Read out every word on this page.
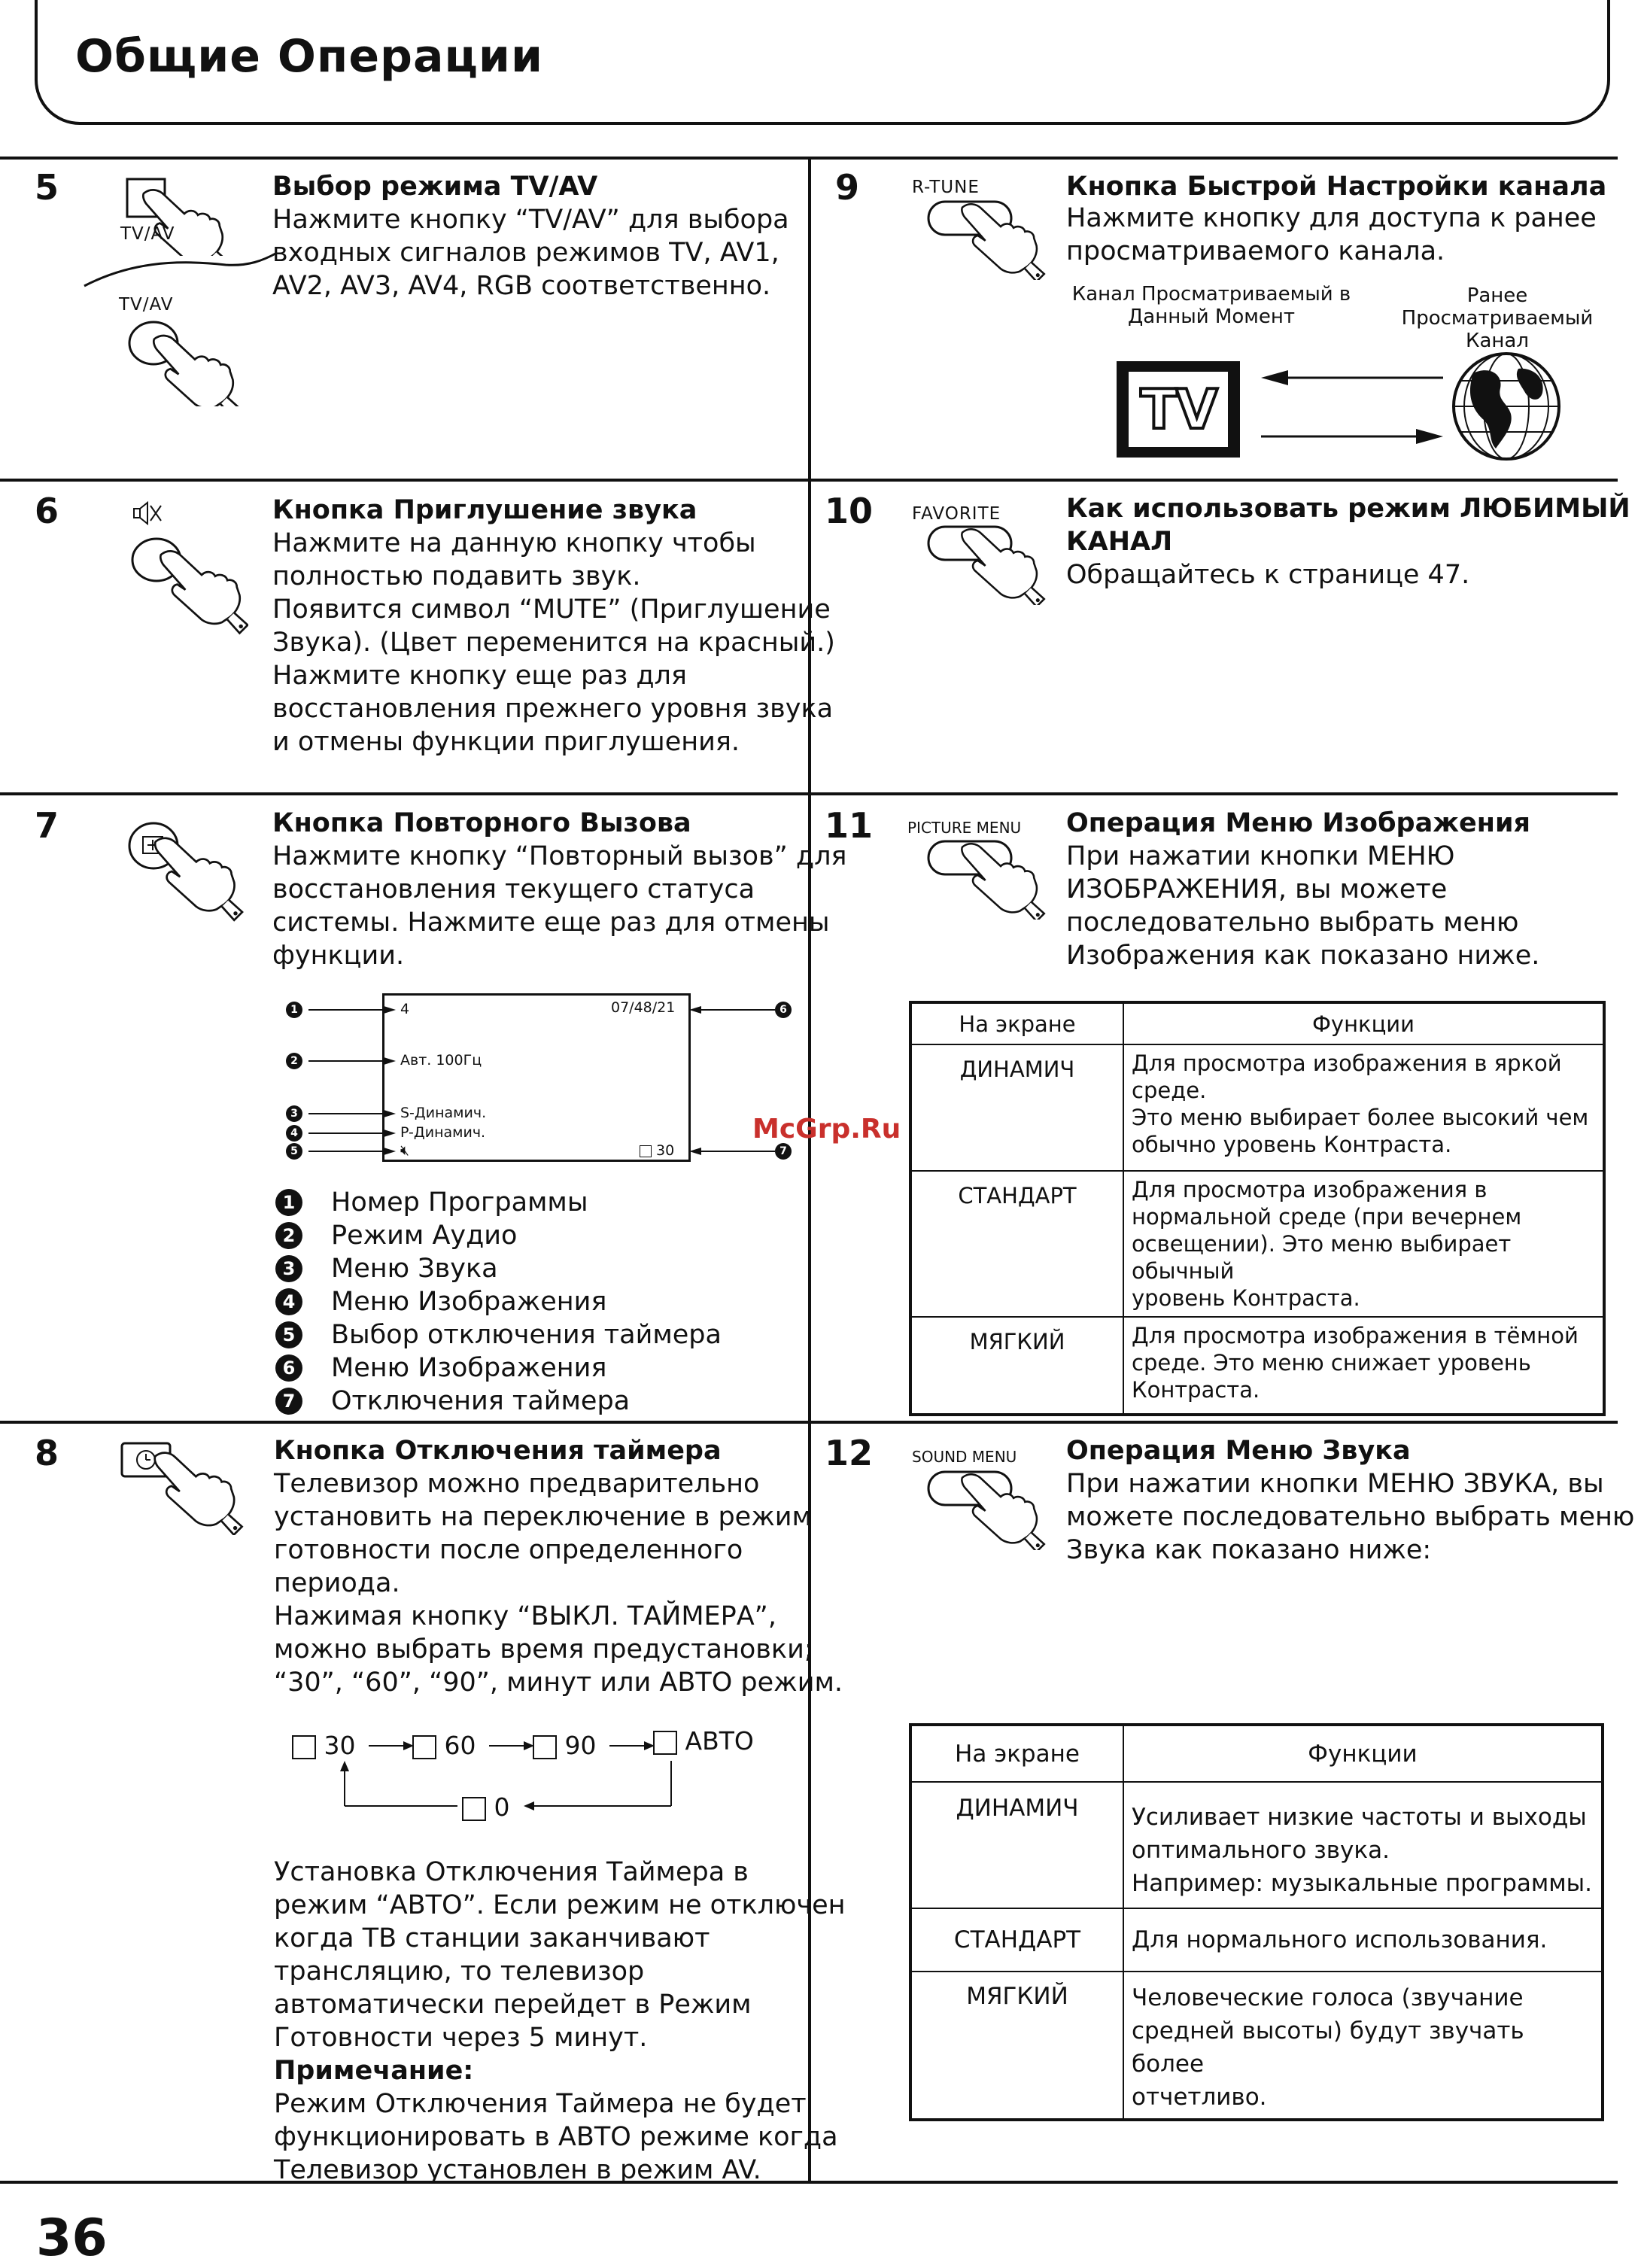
Общие Операции
5
TV/AV
TV/AV
Выбор режима TV/AV
Нажмите кнопку “TV/AV” для выбора
входных сигналов режимов TV, AV1,
AV2, AV3, AV4, RGB соответственно.
9	R-TUNE	Кнопка Быстрой Настройки канала
Нажмите кнопку для доступа к ранее
просматриваемого канала.
Канал Просматриваемый в
Данный Момент
Ранее Просматриваемый
Канал
TV
6	Кнопка Приглушение звука
Нажмите на данную кнопку чтобы
полностью подавить звук.
Появится символ “MUTE” (Приглушение
Звука). (Цвет переменится на красный.)
Нажмите кнопку еще раз для
восстановления прежнего уровня звука
и отмены функции приглушения.
10 FAVORITE Как использовать режим ЛЮБИМЫЙ
КАНАЛ
Обращайтесь к странице 47.
7	Кнопка Повторного Вызова
Нажмите кнопку “Повторный вызов” для
восстановления текущего статуса
системы. Нажмите еще раз для отмены
функции.
1
2
3
4
5
6
7
4	07/48/21
Авт. 100Гц
S-Динамич.
P-Динамич.
🔇︎	30
1 Номер Программы
2 Режим Аудио
3 Меню Звука
4 Меню Изображения
5 Выбор отключения таймера
6 Меню Изображения
7 Отключения таймера
11 PICTURE MENU Операция Меню Изображения
При нажатии кнопки МЕНЮ
ИЗОБРАЖЕНИЯ, вы можете
последовательно выбрать меню
Изображения как показано ниже.
На экране	Функции
ДИНАМИЧ	Для просмотра изображения в яркой
среде.
Это меню выбирает более высокий чем
обычно уровень Контраста.

СТАНДАРТ	Для просмотра изображения в
нормальной среде (при вечернем
освещении). Это меню выбирает обычный
уровень Контраста.

МЯГКИЙ	Для просмотра изображения в тёмной
среде. Это меню снижает уровень
Контраста.
8	Кнопка Отключения таймера
Телевизор можно предварительно
установить на переключение в режим
готовности после определенного
периода.
Нажимая кнопку “ВЫКЛ. ТАЙМЕРА”,
можно выбрать время предустановки;
“30”, “60”, “90”, минут или АВТО режим.
30	60	90	АВТО
0
Установка Отключения Таймера в
режим “АВТО”. Если режим не отключен
когда ТВ станции заканчивают
трансляцию, то телевизор
автоматически перейдет в Режим
Готовности через 5 минут.
Примечание:
Режим Отключения Таймера не будет
функционировать в АВТО режиме когда
Телевизор установлен в режим AV.
12	SOUND MENU Операция Меню Звука
При нажатии кнопки МЕНЮ ЗВУКА, вы
можете последовательно выбрать меню
Звука как показано ниже:
На экране	Функции
ДИНАМИЧ	Усиливает низкие частоты и выходы
оптимального звука.
Например: музыкальные программы.

СТАНДАРТ	Для нормального использования.

МЯГКИЙ	Человеческие голоса (звучание
средней высоты) будут звучать более
отчетливо.
McGrp.Ru
36
